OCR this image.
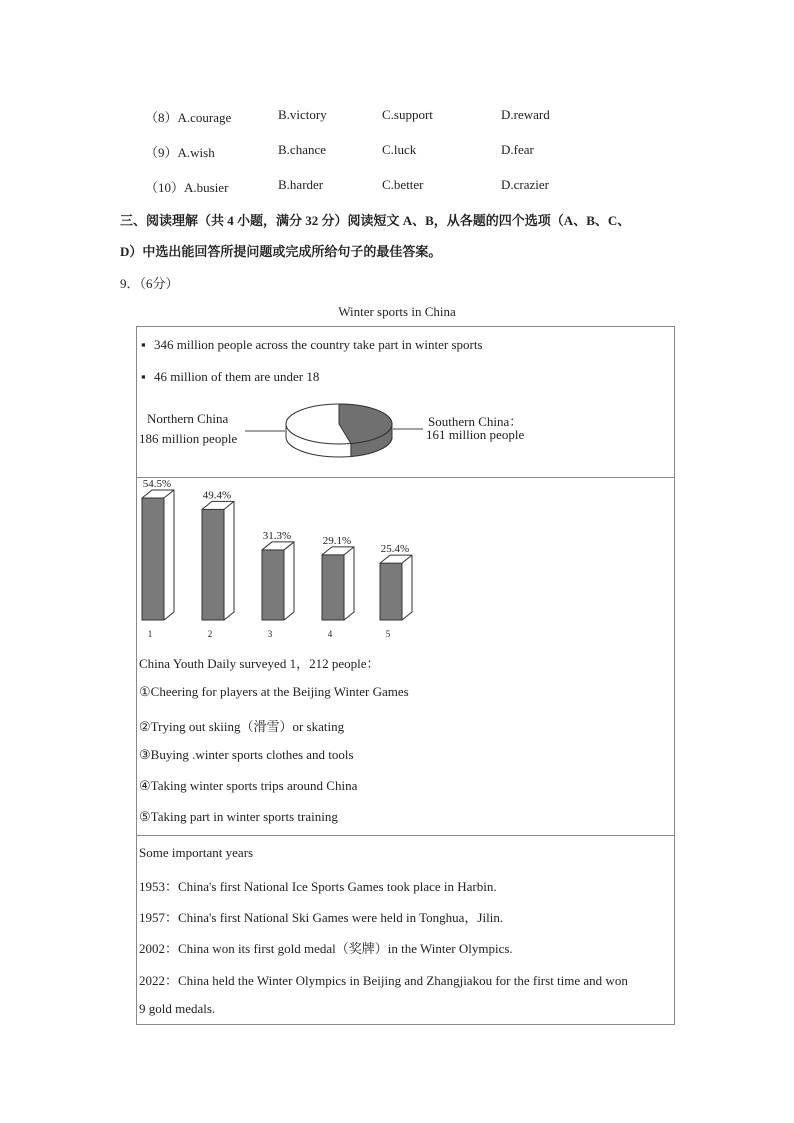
（8）A.courage	B.victory	C.support	D.reward
（9）A.wish	B.chance	C.luck	D.fear
（10）A.busier	B.harder	C.better	D.crazier
三、阅读理解（共 4 小题，满分 32 分）阅读短文 A、B，从各题的四个选项（A、B、C、
D）中选出能回答所提问题或完成所给句子的最佳答案。
9．（6分）
Winter sports in China
▪ 346 million people across the country take part in winter sports
▪ 46 million of them are under 18
Northern China
186 million people
Southern China：
161 million people
54.5%
1
49.4%
2
31.3%
3
29.1%
4
25.4%
5
China Youth Daily surveyed 1，212 people：
①Cheering for players at the Beijing Winter Games
②Trying out skiing（滑雪）or skating
③Buying .winter sports clothes and tools
④Taking winter sports trips around China
⑤Taking part in winter sports training
Some important years
1953：China's first National Ice Sports Games took place in Harbin.
1957：China's first National Ski Games were held in Tonghua，Jilin.
2002：China won its first gold medal（奖牌）in the Winter Olympics.
2022：China held the Winter Olympics in Beijing and Zhangjiakou for the first time and won
9 gold medals.
